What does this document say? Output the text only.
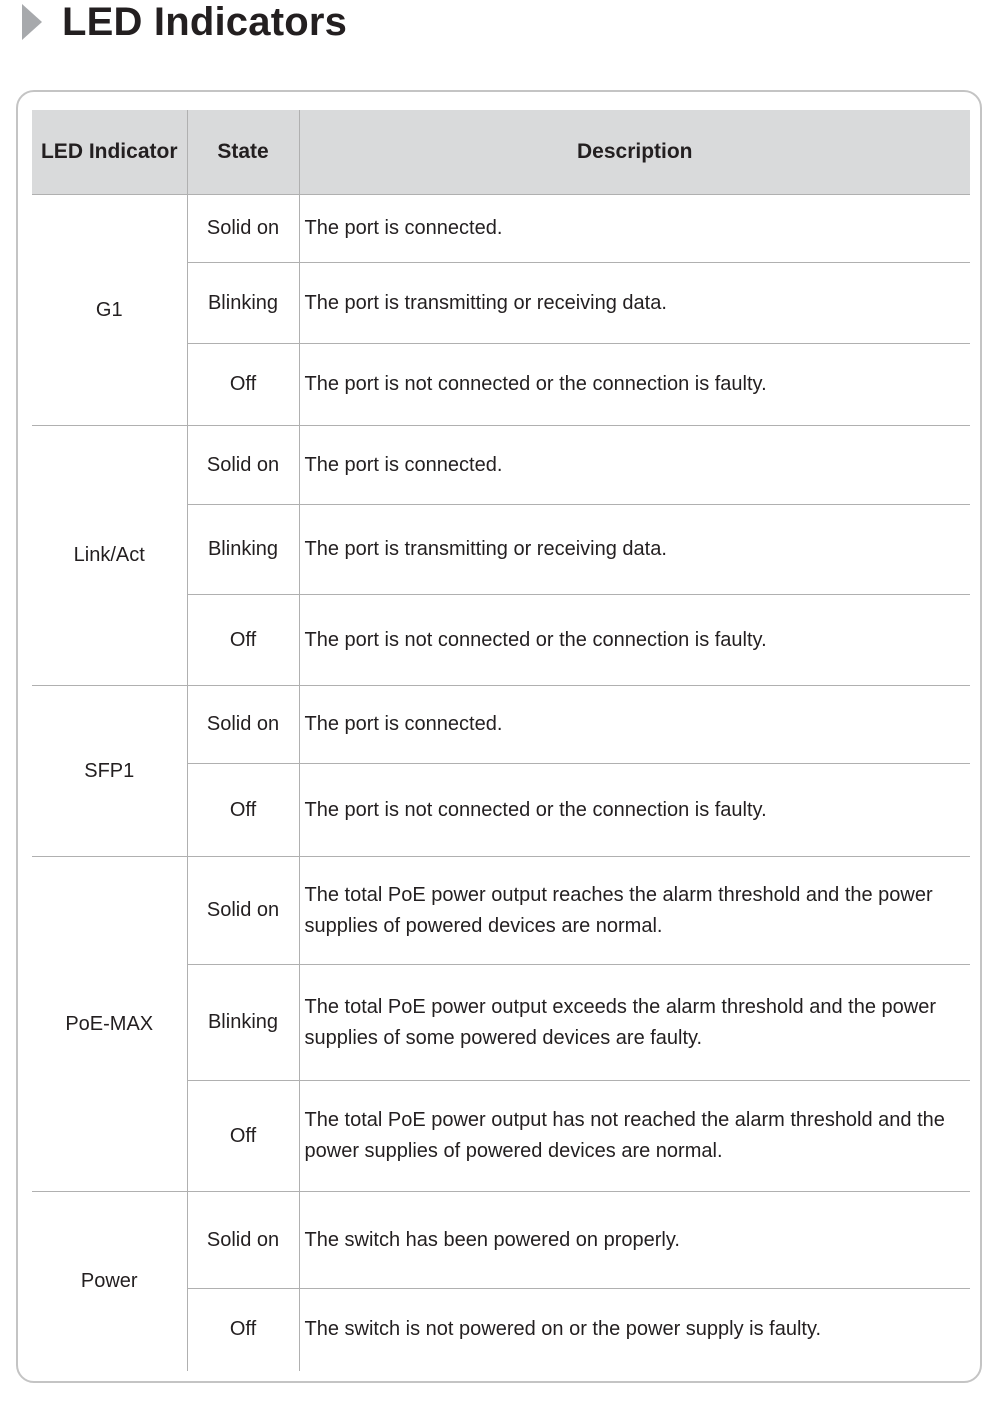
LED Indicators
LED Indicator	State	Description
G1	Solid on	The port is connected.
	Blinking	The port is transmitting or receiving data.
	Off	The port is not connected or the connection is faulty.
Link/Act	Solid on	The port is connected.
	Blinking	The port is transmitting or receiving data.
	Off	The port is not connected or the connection is faulty.
SFP1	Solid on	The port is connected.
	Off	The port is not connected or the connection is faulty.
PoE-MAX	Solid on	The total PoE power output reaches the alarm threshold and the power supplies of powered devices are normal.
	Blinking	The total PoE power output exceeds the alarm threshold and the power supplies of some powered devices are faulty.
	Off	The total PoE power output has not reached the alarm threshold and the power supplies of powered devices are normal.
Power	Solid on	The switch has been powered on properly.
	Off	The switch is not powered on or the power supply is faulty.
